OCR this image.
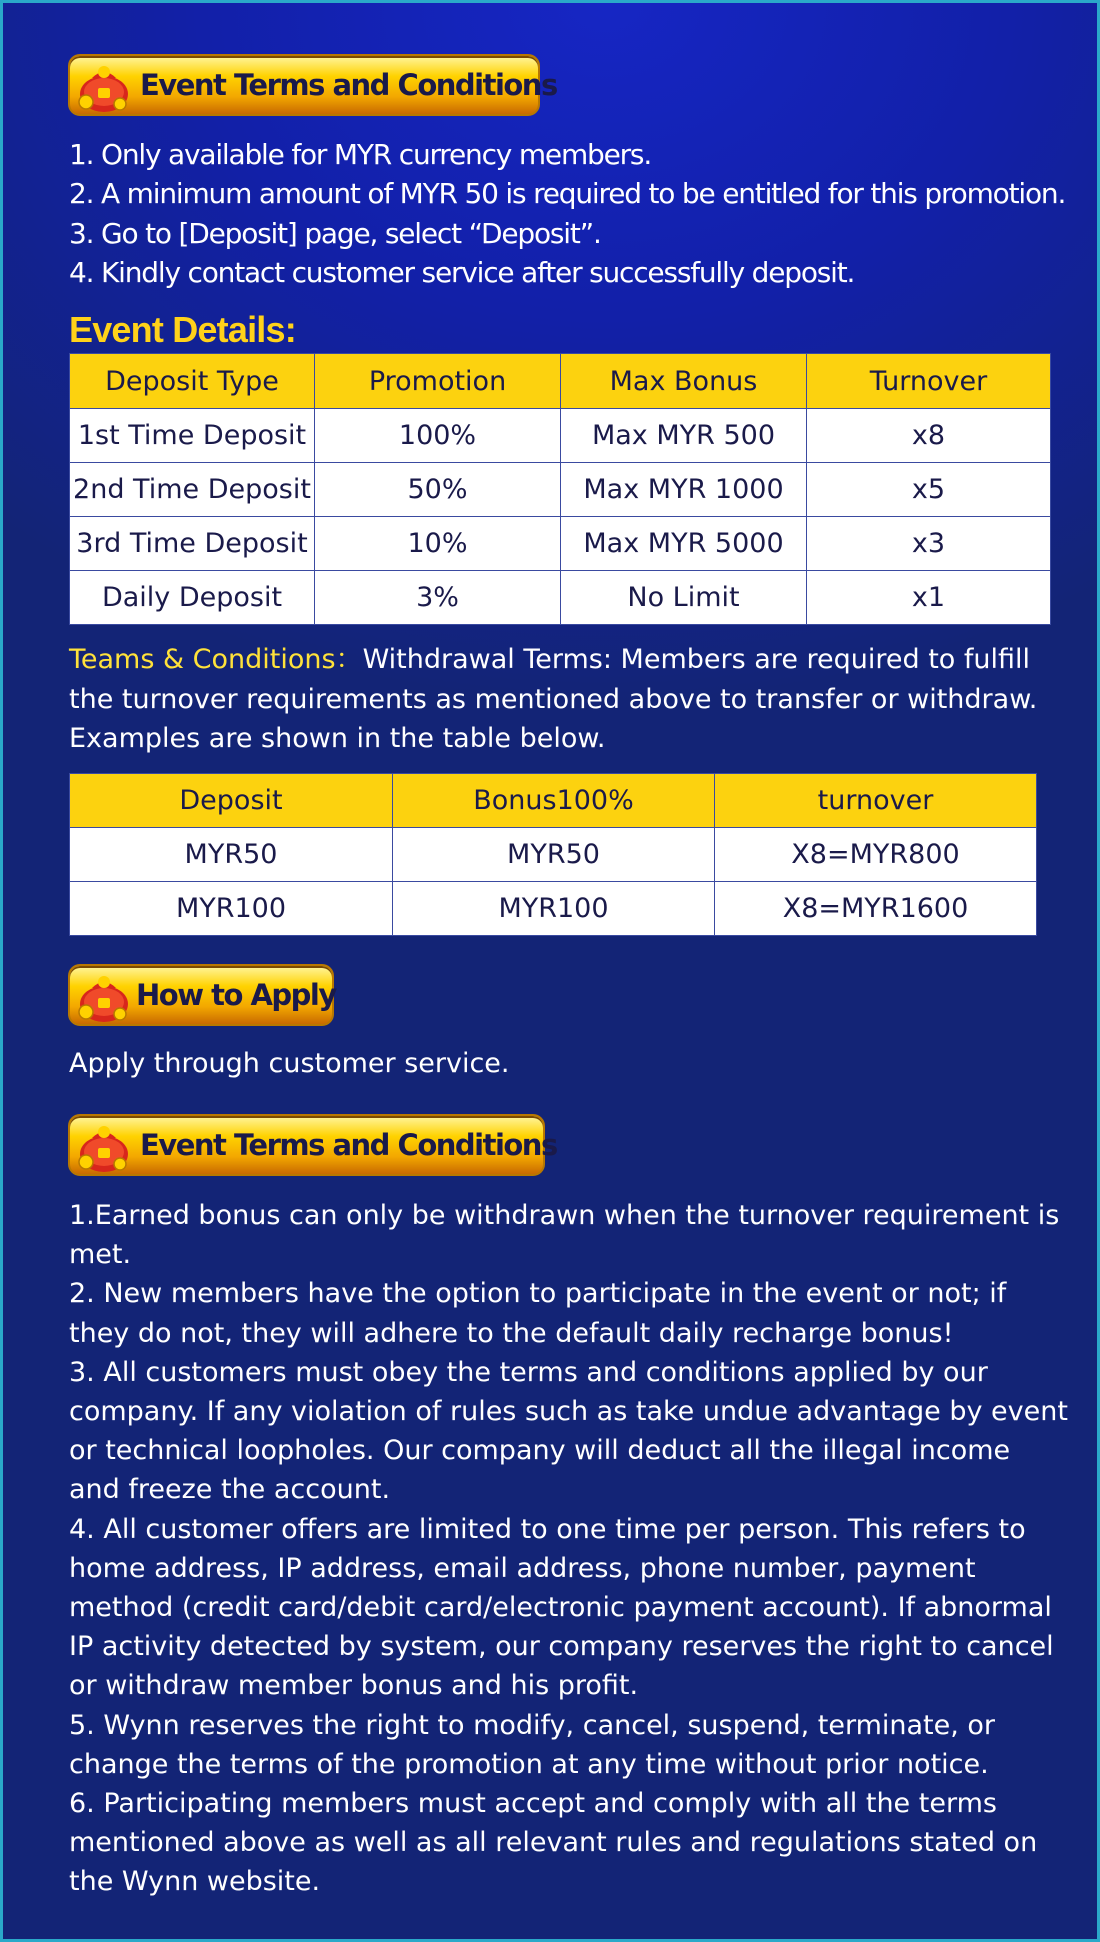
Event Terms and Conditions
1. Only available for MYR currency members.
2. A minimum amount of MYR 50 is required to be entitled for this promotion.
3. Go to [Deposit] page, select “Deposit”.
4. Kindly contact customer service after successfully deposit.
Event Details:
Deposit Type	Promotion	Max Bonus	Turnover
1st Time Deposit	100%	Max MYR 500	x8
2nd Time Deposit	50%	Max MYR 1000	x5
3rd Time Deposit	10%	Max MYR 5000	x3
Daily Deposit	3%	No Limit	x1
Teams & Conditions：Withdrawal Terms: Members are required to fulfill
the turnover requirements as mentioned above to transfer or withdraw.
Examples are shown in the table below.
Deposit	Bonus100%	turnover
MYR50	MYR50	X8=MYR800
MYR100	MYR100	X8=MYR1600
How to Apply
Apply through customer service.
Event Terms and Conditions
1.Earned bonus can only be withdrawn when the turnover requirement is
met.
2. New members have the option to participate in the event or not; if
they do not, they will adhere to the default daily recharge bonus!
3. All customers must obey the terms and conditions applied by our
company. If any violation of rules such as take undue advantage by event
or technical loopholes. Our company will deduct all the illegal income
and freeze the account.
4. All customer offers are limited to one time per person. This refers to
home address, IP address, email address, phone number, payment
method (credit card/debit card/electronic payment account). If abnormal
IP activity detected by system, our company reserves the right to cancel
or withdraw member bonus and his profit.
5. Wynn reserves the right to modify, cancel, suspend, terminate, or
change the terms of the promotion at any time without prior notice.
6. Participating members must accept and comply with all the terms
mentioned above as well as all relevant rules and regulations stated on
the Wynn website.
